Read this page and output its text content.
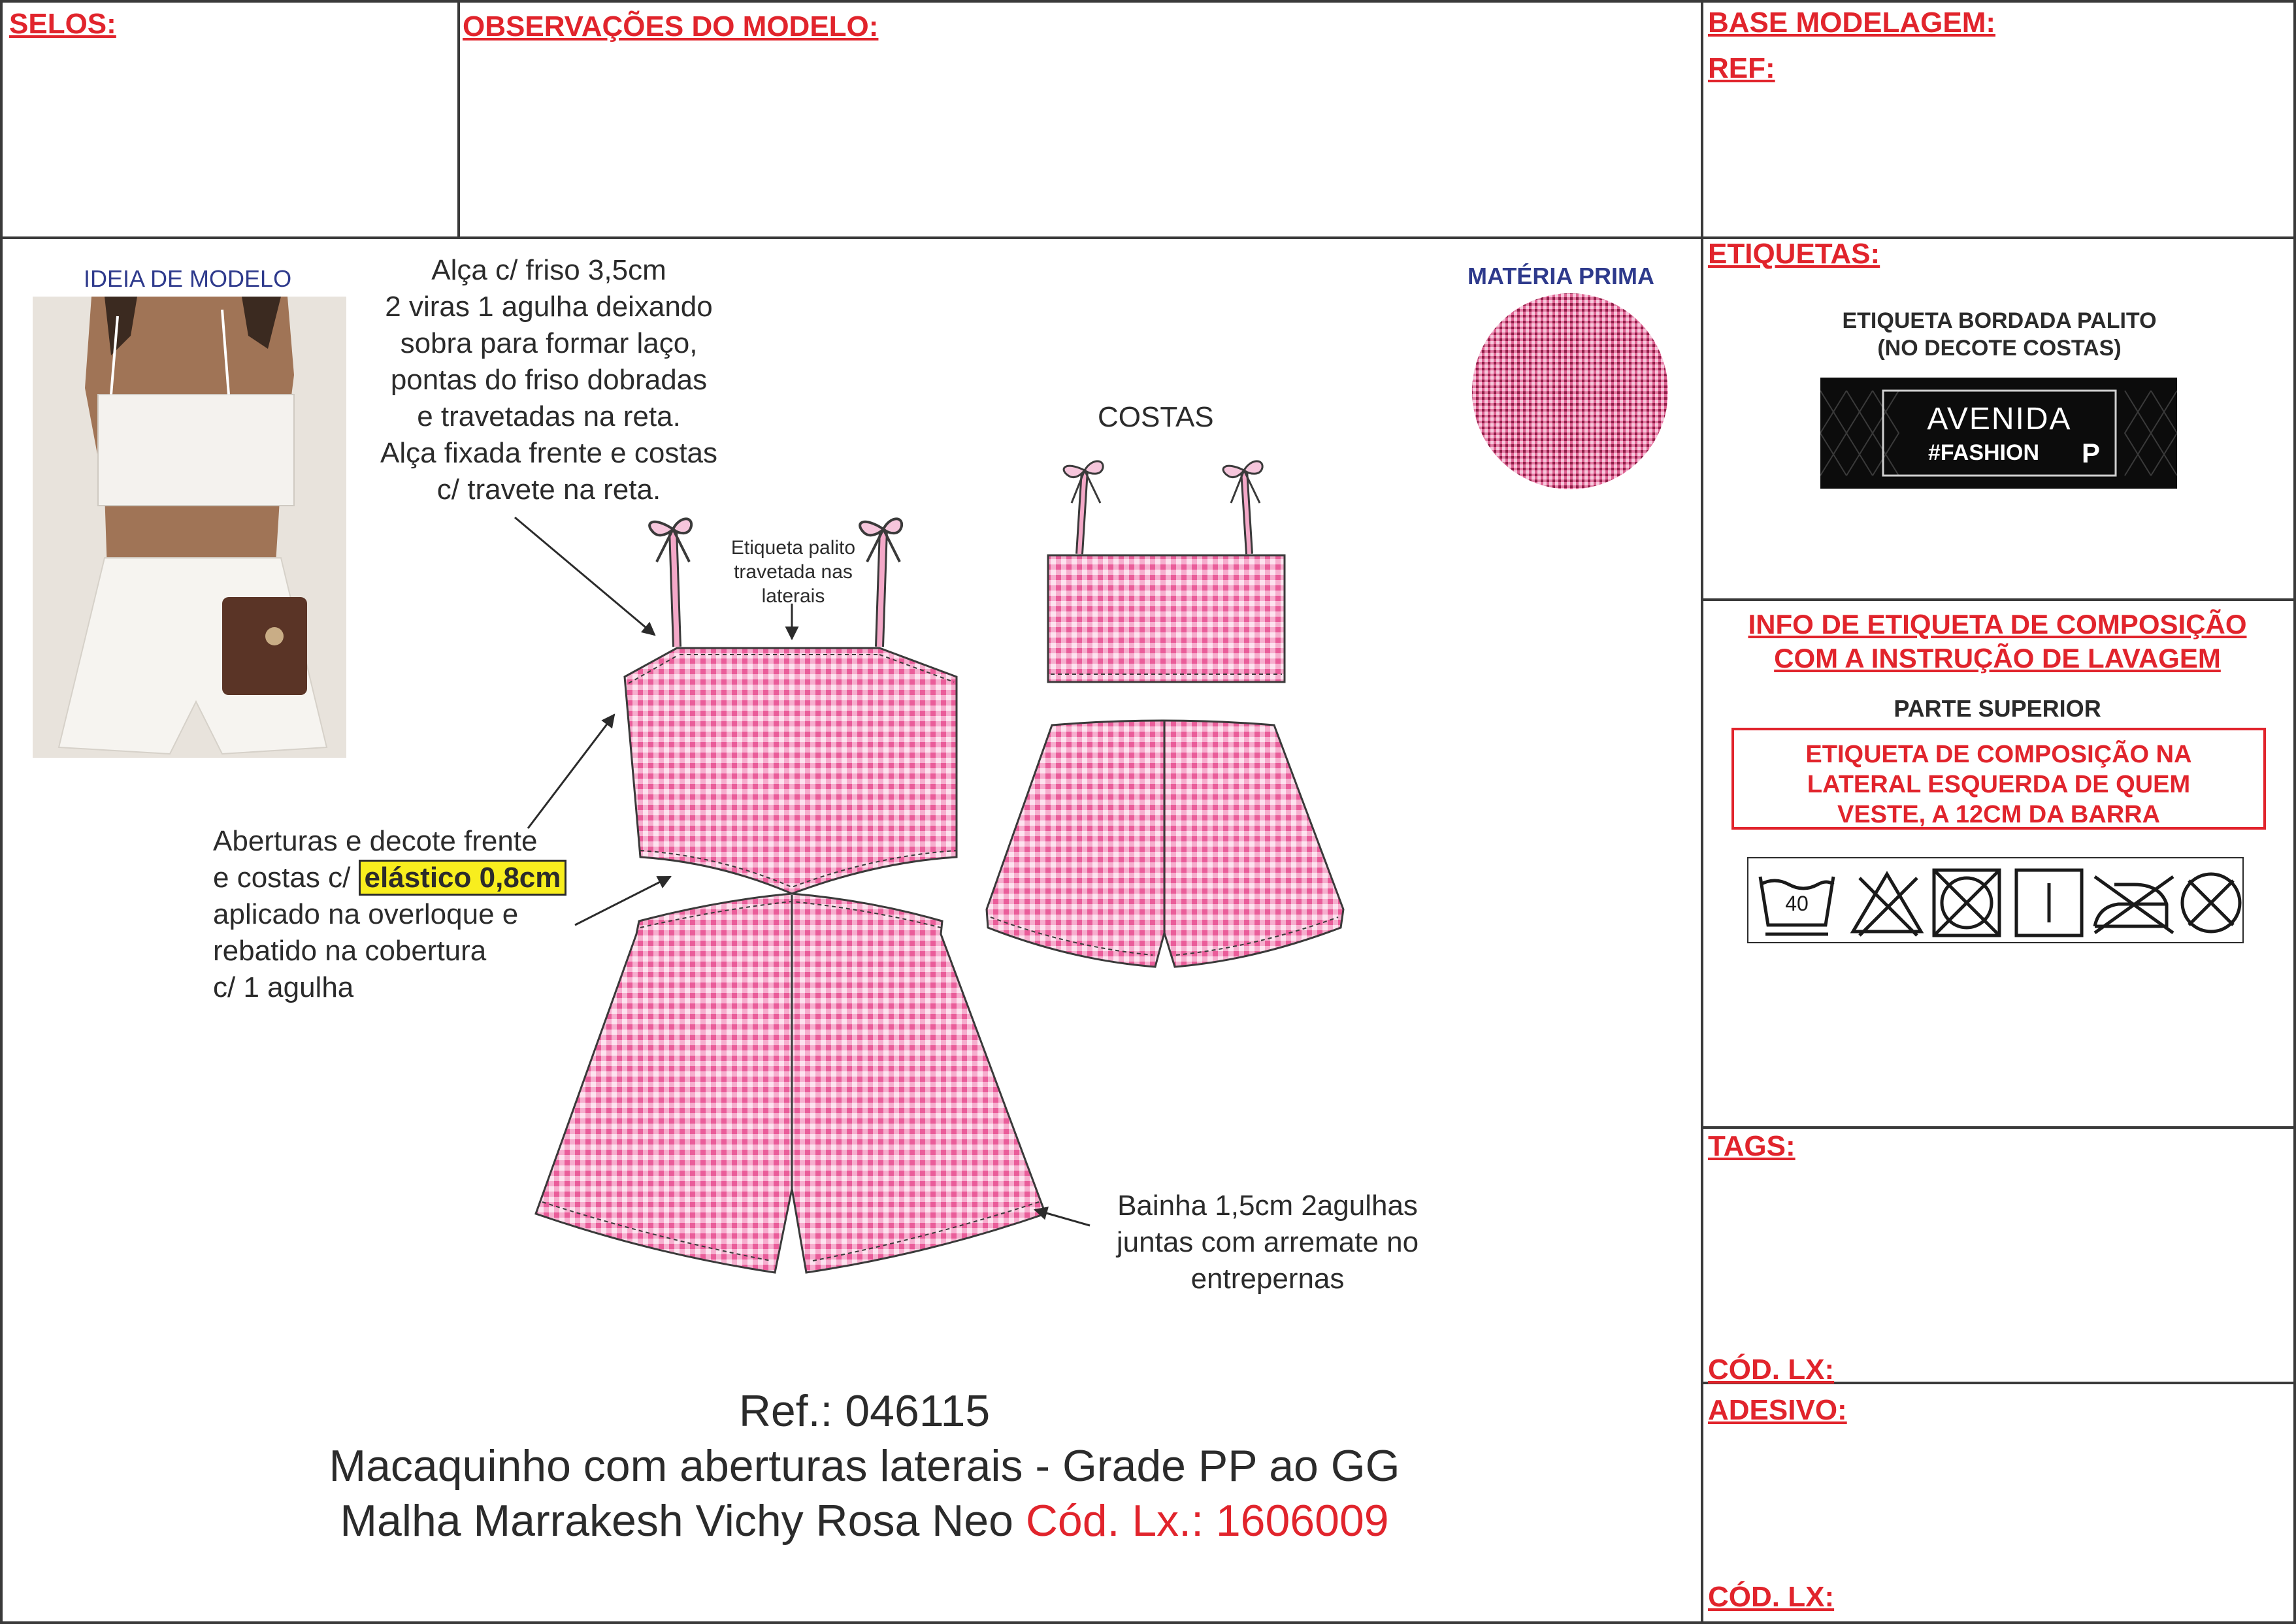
SELOS:	OBSERVAÇÕES DO MODELO:	BASE MODELAGEM:
REF:
IDEIA DE MODELO	Alça c/ friso 3,5cm
2 viras 1 agulha deixando
sobra para formar laço,
pontas do friso dobradas
e travetadas na reta.
Alça fixada frente e costas
c/ travete na reta.
Etiqueta palito
travetada nas
laterais
Aberturas e decote frente
e costas c/ elástico 0,8cm
aplicado na overloque e
rebatido na cobertura
c/ 1 agulha
Bainha 1,5cm 2agulhas
juntas com arremate no
entrepernas
COSTAS
MATÉRIA PRIMA
Ref.: 046115
Macaquinho com aberturas laterais - Grade PP ao GG
Malha Marrakesh Vichy Rosa Neo Cód. Lx.: 1606009
ETIQUETAS:
ETIQUETA BORDADA PALITO
(NO DECOTE COSTAS)
AVENIDA
#FASHION	P
INFO DE ETIQUETA DE COMPOSIÇÃO
COM A INSTRUÇÃO DE LAVAGEM
PARTE SUPERIOR
ETIQUETA DE COMPOSIÇÃO NA
LATERAL ESQUERDA DE QUEM
VESTE, A 12CM DA BARRA
40
TAGS:
CÓD. LX:
ADESIVO:
CÓD. LX:
